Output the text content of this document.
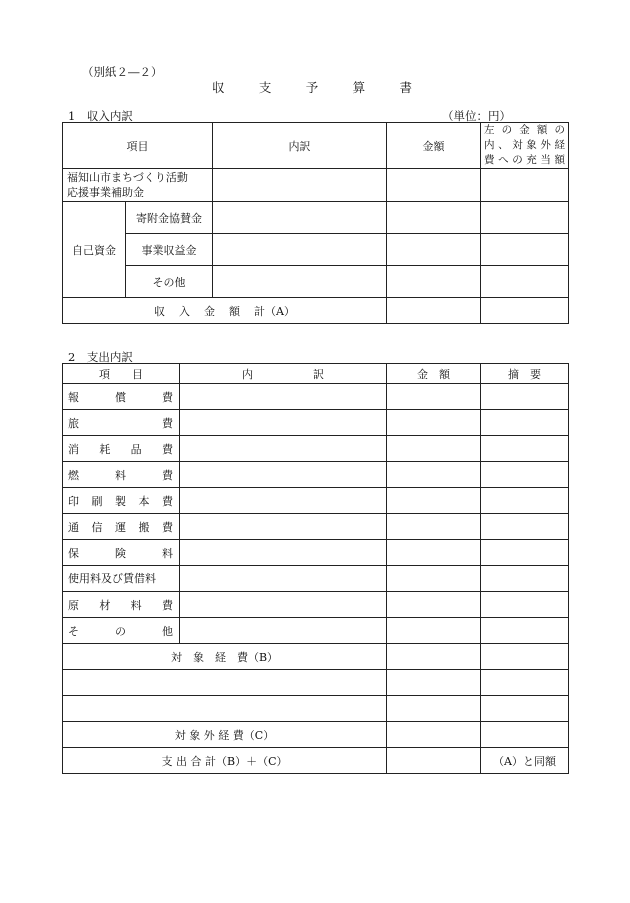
（別紙２―２）
収	支	予	算	書
1　収入内訳	（単位：円）
項目		内訳	金額	左の金額の
内、対象外経
費への充当額

福知山市まちづくり活動
応援事業補助金				

自己資金	寄附金協賛金			
	事業収益金			
	その他			

収 入 金 額 計（A）				

2　支出内訳
項 目	内 訳	金　額	摘　要

報 償 費			

旅 費			

消 耗 品 費			

燃 料 費			

印 刷 製 本 費			

通 信 運 搬 費			

保 険 料			

使用料及び賃借料			

原 材 料 費			

そ の 他			

対　象　経　費（B）			

対 象 外 経 費（C）			
支 出 合 計（B）＋（C）			（A）と同額
